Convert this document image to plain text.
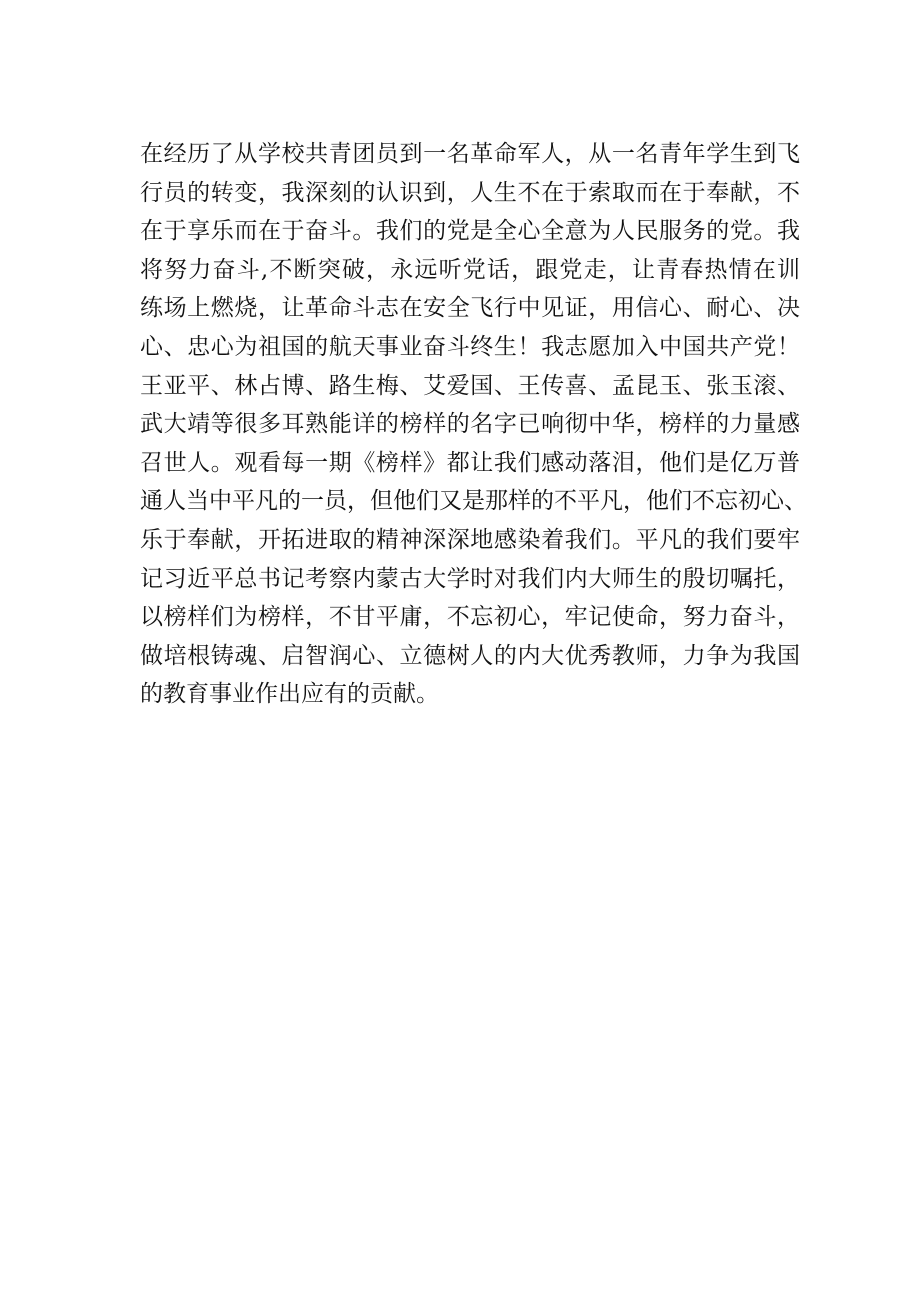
在经历了从学校共青团员到一名革命军人，从一名青年学生到飞
行员的转变，我深刻的认识到，人生不在于索取而在于奉献，不
在于享乐而在于奋斗。我们的党是全心全意为人民服务的党。我
将努力奋斗,不断突破，永远听党话，跟党走，让青春热情在训
练场上燃烧，让革命斗志在安全飞行中见证，用信心、耐心、决
心、忠心为祖国的航天事业奋斗终生！我志愿加入中国共产党！
王亚平、林占博、路生梅、艾爱国、王传喜、孟昆玉、张玉滚、
武大靖等很多耳熟能详的榜样的名字已响彻中华，榜样的力量感
召世人。观看每一期《榜样》都让我们感动落泪，他们是亿万普
通人当中平凡的一员，但他们又是那样的不平凡，他们不忘初心、
乐于奉献，开拓进取的精神深深地感染着我们。平凡的我们要牢
记习近平总书记考察内蒙古大学时对我们内大师生的殷切嘱托，
以榜样们为榜样，不甘平庸，不忘初心，牢记使命，努力奋斗，
做培根铸魂、启智润心、立德树人的内大优秀教师，力争为我国
的教育事业作出应有的贡献。
